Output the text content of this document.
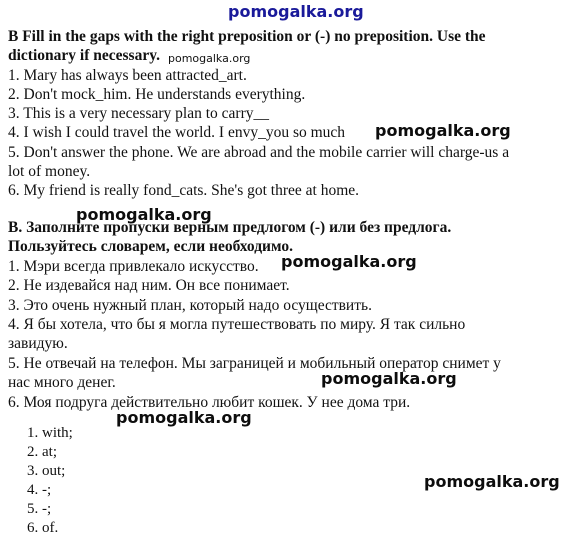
pomogalka.org
B Fill in the gaps with the right preposition or (-) no preposition. Use the
dictionary if necessary. pomogalka.org
1. Mary has always been attracted_art.
2. Don't mock_him. He understands everything.
3. This is a very necessary plan to carry__
4. I wish I could travel the world. I envy_you so much pomogalka.org
5. Don't answer the phone. We are abroad and the mobile carrier will charge-us a
lot of money.
6. My friend is really fond_cats. She's got three at home.
pomogalka.org
В. Заполните пропуски верным предлогом (-) или без предлога.
Пользуйтесь словарем, если необходимо.
1. Мэри всегда привлекало искусство. pomogalka.org
2. Не издевайся над ним. Он все понимает.
3. Это очень нужный план, который надо осуществить.
4. Я бы хотела, что бы я могла путешествовать по миру. Я так сильно
завидую.
5. Не отвечай на телефон. Мы заграницей и мобильный оператор снимет у
нас много денег.	pomogalka.org
6. Моя подруга действительно любит кошек. У нее дома три.
pomogalka.org
1. with;
2. at;
3. out;
pomogalka.org
4. -;
5. -;
6. of.
